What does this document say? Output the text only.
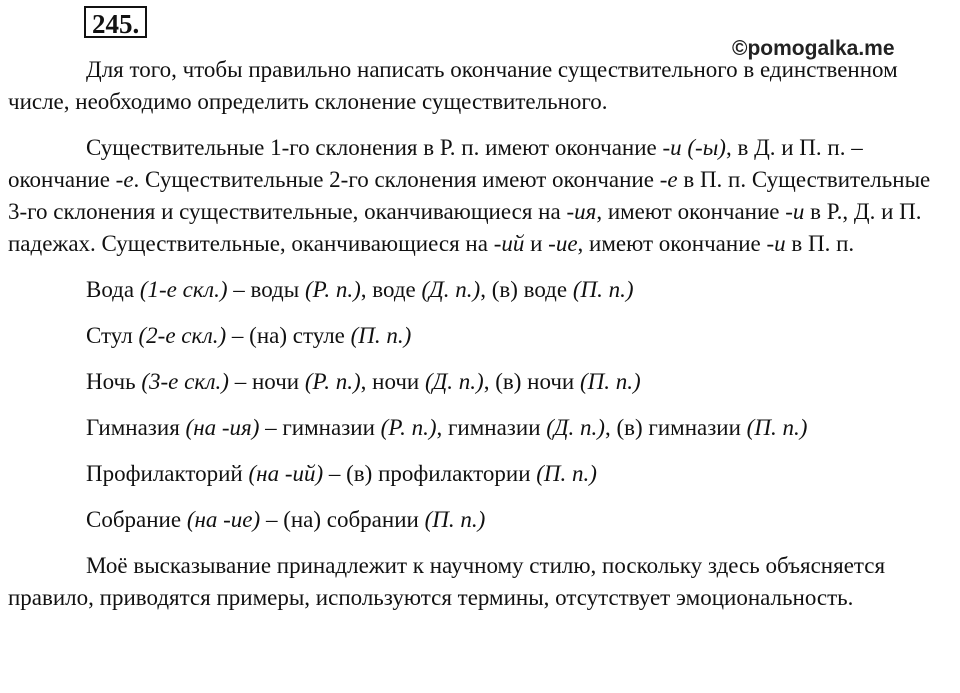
245.
©pomogalka.me

Для того, чтобы правильно написать окончание существительного в единственном числе, необходимо определить склонение существительного.

Существительные 1-го склонения в Р. п. имеют окончание -и (-ы), в Д. и П. п. – окончание -е. Существительные 2-го склонения имеют окончание -е в П. п. Существительные 3-го склонения и существительные, оканчивающиеся на -ия, имеют окончание -и в Р., Д. и П. падежах. Существительные, оканчивающиеся на -ий и -ие, имеют окончание -и в П. п.

Вода (1-е скл.) – воды (Р. п.), воде (Д. п.), (в) воде (П. п.)

Стул (2-е скл.) – (на) стуле (П. п.)

Ночь (3-е скл.) – ночи (Р. п.), ночи (Д. п.), (в) ночи (П. п.)

Гимназия (на -ия) – гимназии (Р. п.), гимназии (Д. п.), (в) гимназии (П. п.)

Профилакторий (на -ий) – (в) профилактории (П. п.)

Собрание (на -ие) – (на) собрании (П. п.)

Моё высказывание принадлежит к научному стилю, поскольку здесь объясняется правило, приводятся примеры, используются термины, отсутствует эмоциональность.
